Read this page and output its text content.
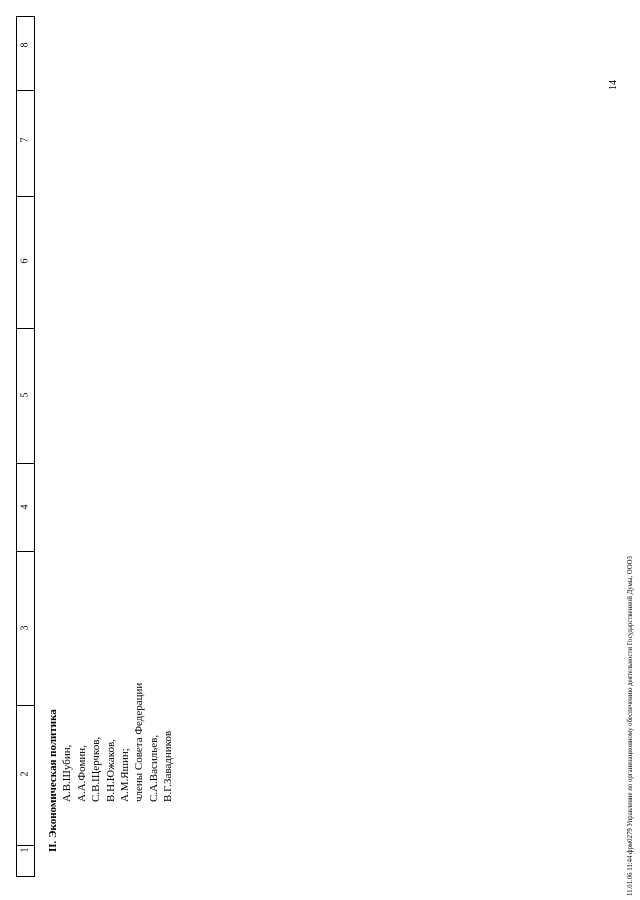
1
2
3
4
5
6
7
8

II. Экономическая политика А.В.Шубин, А.А.Фомин, С.В.Щерчков, В.Н.Южаков, А.М.Яшин; члены Совета Федерации С.А.Васильев, В.Г.Завадников
14
11.01.06 11:44 фрм0279 Управление по организационному обеспечению деятельности Государственной Думы, ООО3
